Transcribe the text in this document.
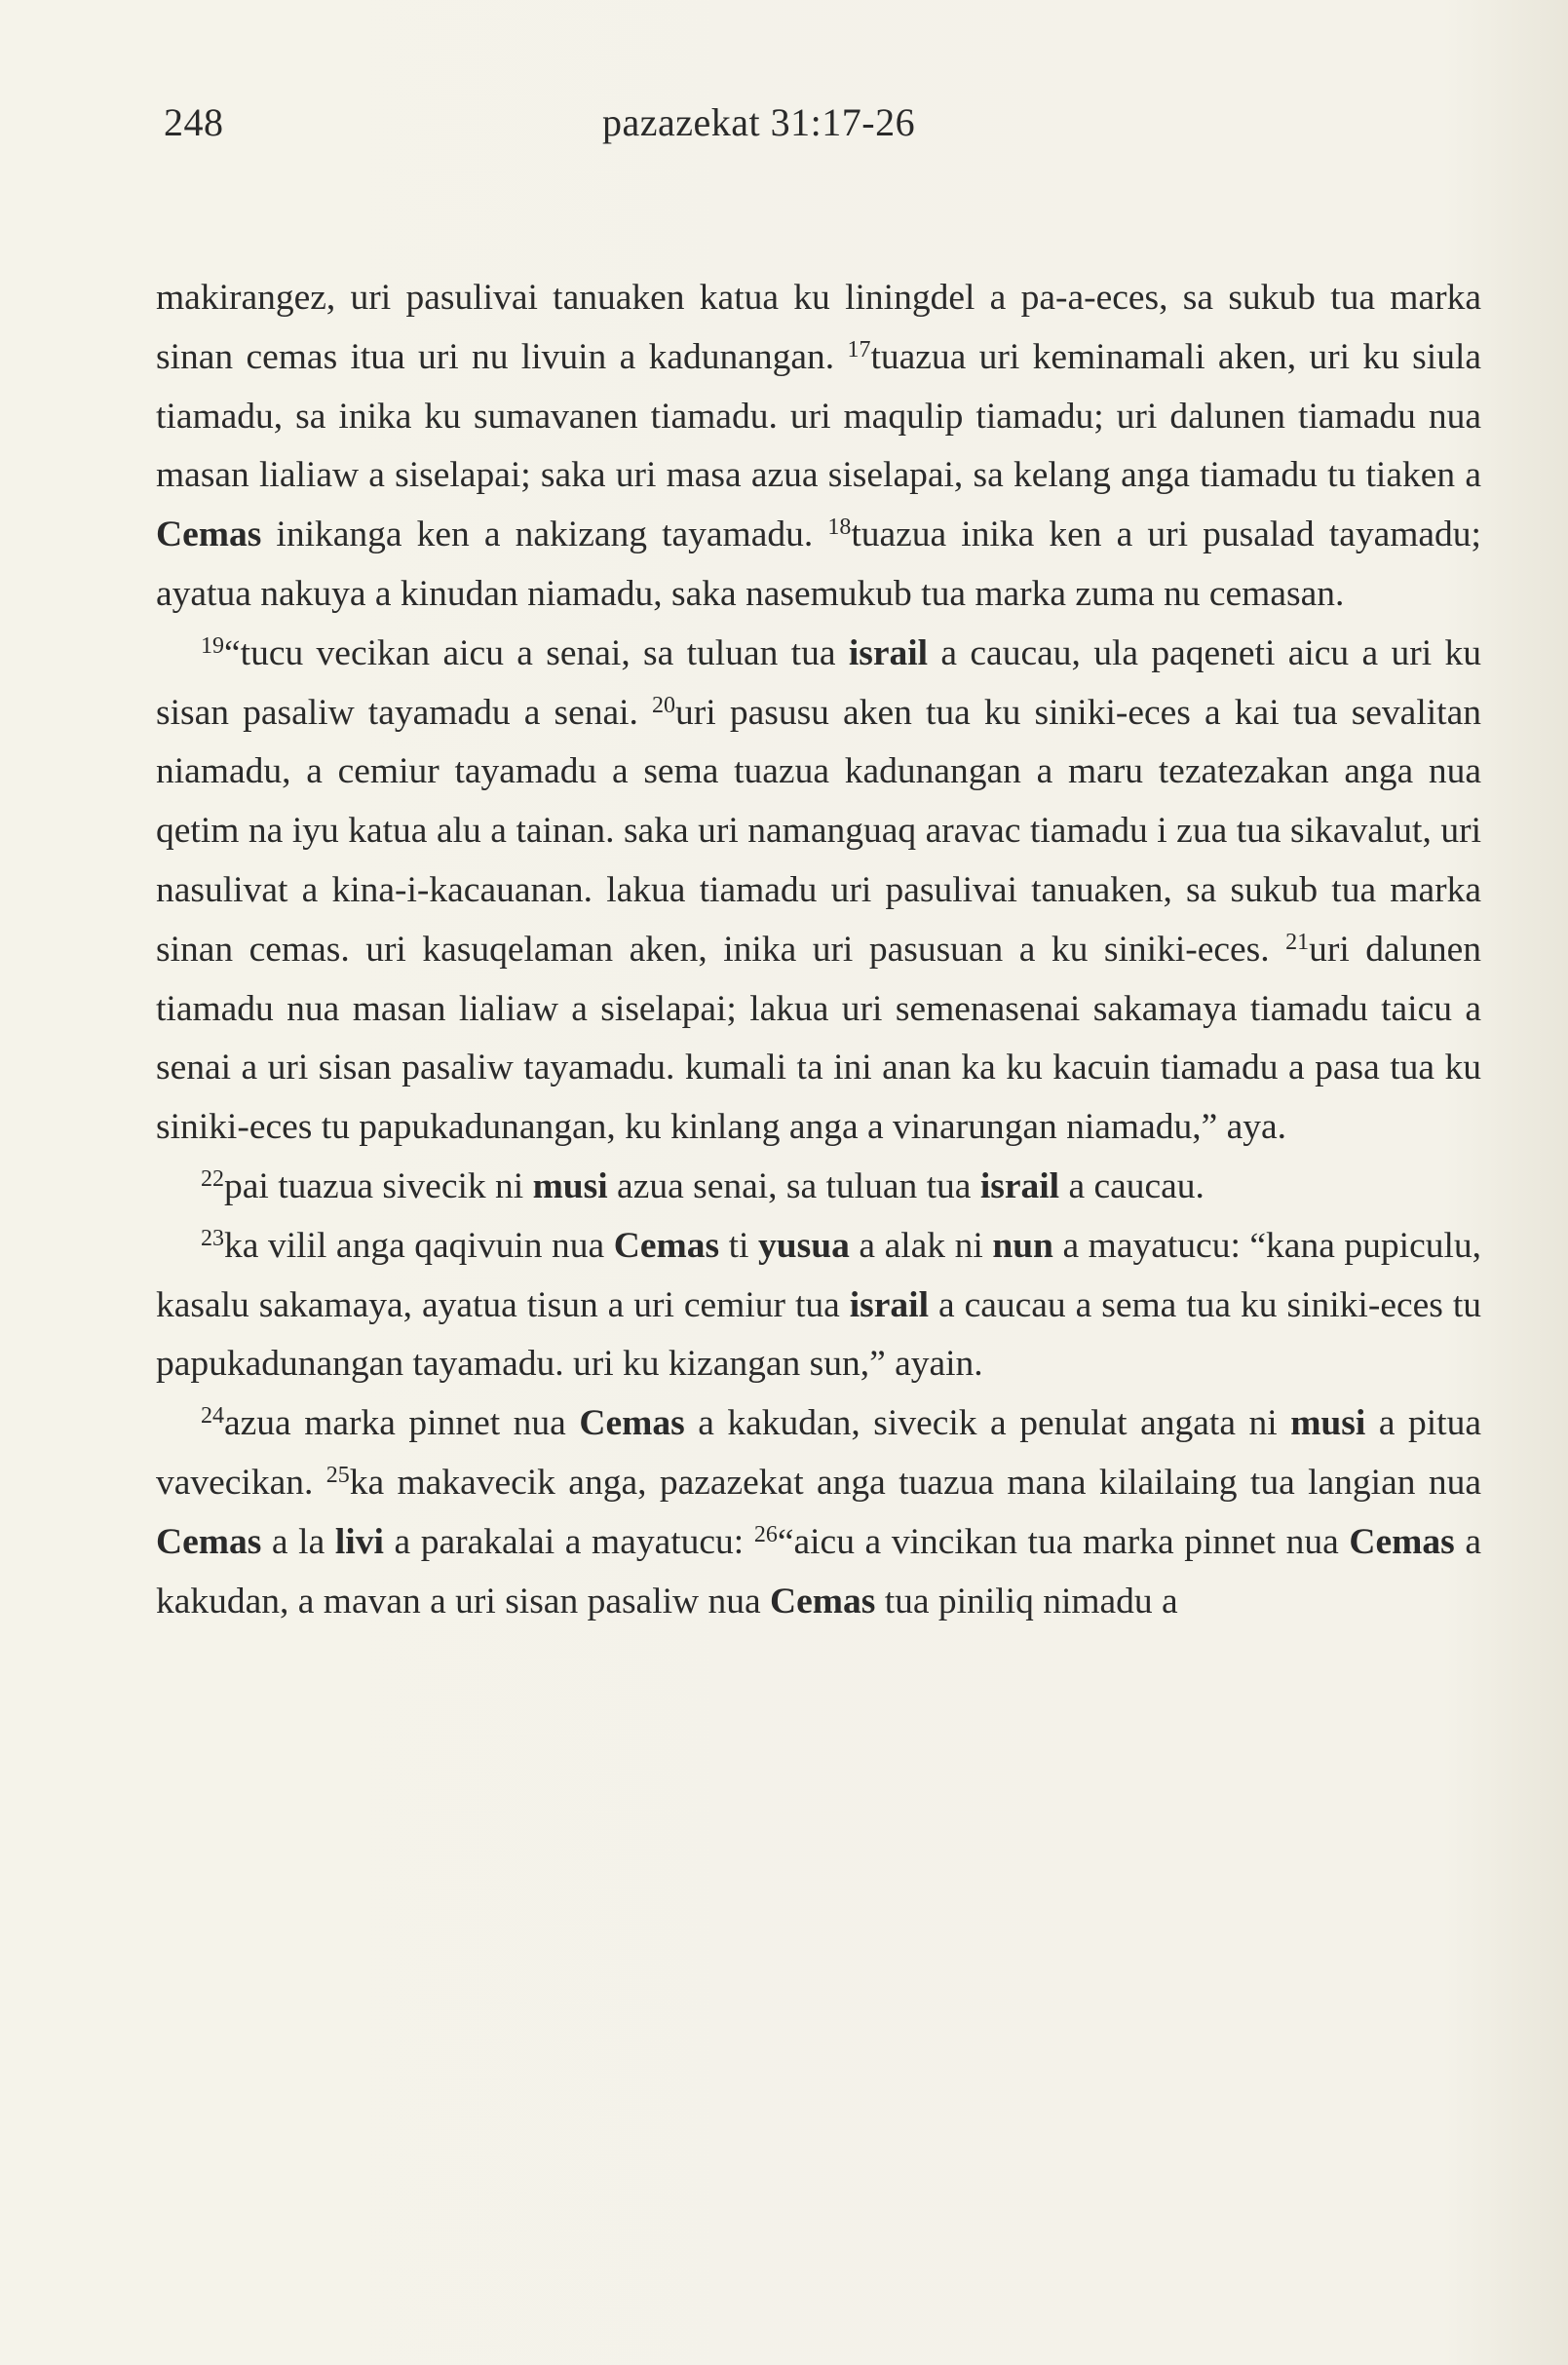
248	pazazekat 31:17-26

makirangez, uri pasulivai tanuaken katua ku liningdel a pa-a-eces, sa sukub tua marka sinan cemas itua uri nu livuin a kadunangan. $^{17}$tuazua uri keminamali aken, uri ku siula tiamadu, sa inika ku sumavanen tiamadu. uri maqulip tiamadu; uri dalunen tiamadu nua masan lialiaw a siselapai; saka uri masa azua siselapai, sa kelang anga tiamadu tu tiaken a Cemas inikanga ken a nakizang tayamadu. $^{18}$tuazua inika ken a uri pusalad tayamadu; ayatua nakuya a kinudan niamadu, saka nasemukub tua marka zuma nu cemasan.

$^{19}$“tucu vecikan aicu a senai, sa tuluan tua israil a caucau, ula paqeneti aicu a uri ku sisan pasaliw tayamadu a senai. $^{20}$uri pasusu aken tua ku siniki-eces a kai tua sevalitan niamadu, a cemiur tayamadu a sema tuazua kadunangan a maru tezatezakan anga nua qetim na iyu katua alu a tainan. saka uri namanguaq aravac tiamadu i zua tua sikavalut, uri nasulivat a kina-i-kacauanan. lakua tiamadu uri pasulivai tanuaken, sa sukub tua marka sinan cemas. uri kasuqelaman aken, inika uri pasusuan a ku siniki-eces. $^{21}$uri dalunen tiamadu nua masan lialiaw a siselapai; lakua uri semenasenai sakamaya tiamadu taicu a senai a uri sisan pasaliw tayamadu. kumali ta ini anan ka ku kacuin tiamadu a pasa tua ku siniki-eces tu papukadunangan, ku kinlang anga a vinarungan niamadu,” aya.

$^{22}$pai tuazua sivecik ni musi azua senai, sa tuluan tua israil a caucau.

$^{23}$ka vilil anga qaqivuin nua Cemas ti yusua a alak ni nun a mayatucu: “kana pupiculu, kasalu sakamaya, ayatua tisun a uri cemiur tua israil a caucau a sema tua ku siniki-eces tu papukadunangan tayamadu. uri ku kizangan sun,” ayain.

$^{24}$azua marka pinnet nua Cemas a kakudan, sivecik a penulat angata ni musi a pitua vavecikan. $^{25}$ka makavecik anga, pazazekat anga tuazua mana kilailaing tua langian nua Cemas a la livi a parakalai a mayatucu: $^{26}$“aicu a vincikan tua marka pinnet nua Cemas a kakudan, a mavan a uri sisan pasaliw nua Cemas tua piniliq nimadu a
